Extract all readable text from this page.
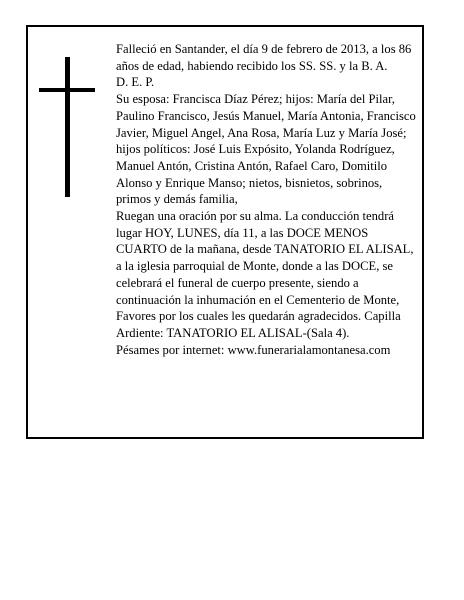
Falleció en Santander, el día 9 de febrero de 2013, a los 86 años de edad, habiendo recibido los SS. SS. y la B. A.

D. E. P.

Su esposa: Francisca Díaz Pérez; hijos: María del Pilar, Paulino Francisco, Jesús Manuel, María Antonia, Francisco Javier, Miguel Angel, Ana Rosa, María Luz y María José; hijos políticos: José Luis Expósito, Yolanda Rodríguez, Manuel Antón, Cristina Antón, Rafael Caro, Domitilo Alonso y Enrique Manso; nietos, bisnietos, sobrinos, primos y demás familia,

Ruegan una oración por su alma. La conducción tendrá lugar HOY, LUNES, día 11, a las DOCE MENOS CUARTO de la mañana, desde TANATORIO EL ALISAL, a la iglesia parroquial de Monte, donde a las DOCE, se celebrará el funeral de cuerpo presente, siendo a continuación la inhumación en el Cementerio de Monte, Favores por los cuales les quedarán agradecidos. Capilla Ardiente: TANATORIO EL ALISAL-(Sala 4).

Pésames por internet: www.funerarialamontanesa.com
